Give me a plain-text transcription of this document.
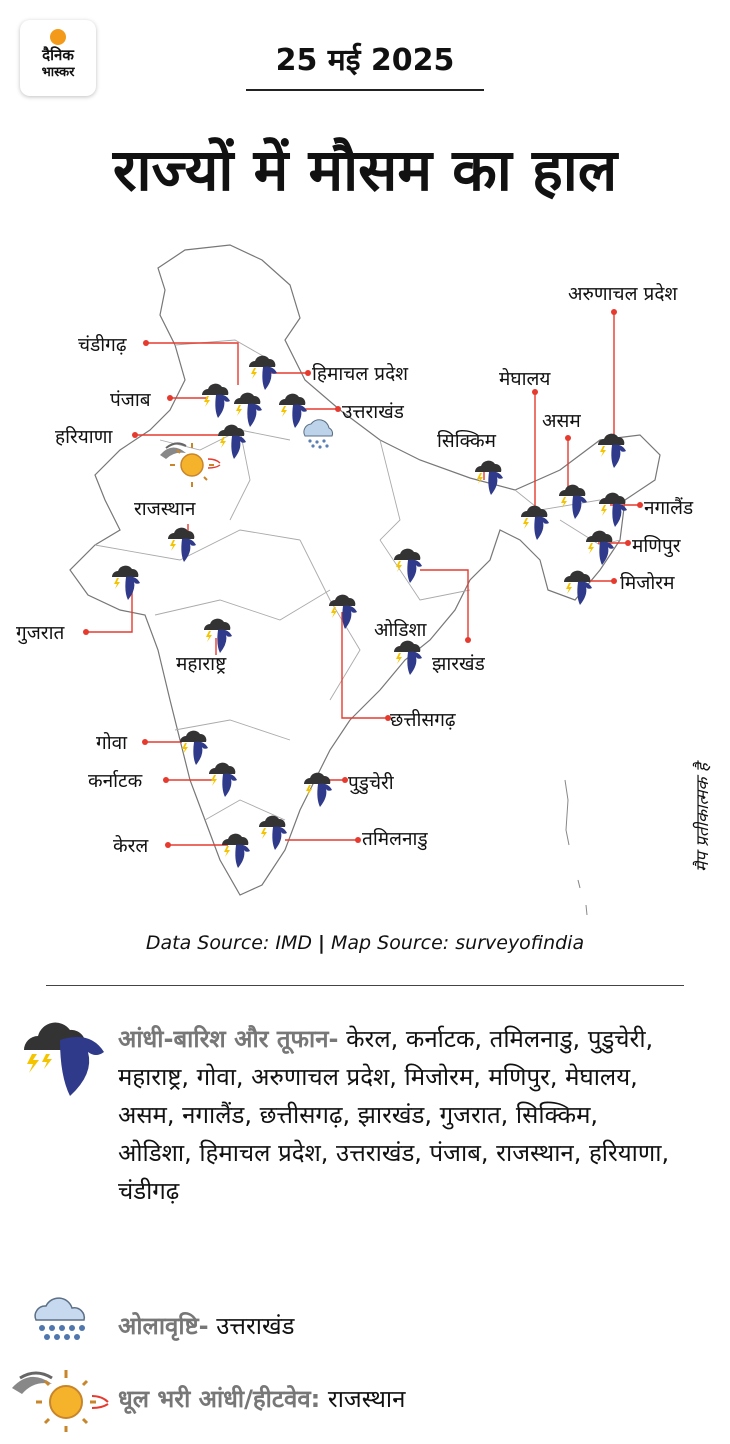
दैनिक
भास्कर	25 मई 2025
राज्यों में मौसम का हाल
चंडीगढ़
पंजाब
हरियाणा
हिमाचल प्रदेश
उत्तराखंड
राजस्थान
गुजरात
महाराष्ट्र
गोवा
कर्नाटक
केरल	तमिलनाडु
पुडुचेरी
छत्तीसगढ़
ओडिशा
झारखंड
सिक्किम
मेघालय
असम
अरुणाचल प्रदेश
नगालैंड
मणिपुर
मिजोरम
मैप प्रतीकात्मक है
Data Source: IMD | Map Source: surveyofindia
आंधी-बारिश और तूफान- केरल, कर्नाटक, तमिलनाडु, पुडुचेरी, महाराष्ट्र, गोवा, अरुणाचल प्रदेश, मिजोरम, मणिपुर, मेघालय, असम, नगालैंड, छत्तीसगढ़, झारखंड, गुजरात, सिक्किम, ओडिशा, हिमाचल प्रदेश, उत्तराखंड, पंजाब, राजस्थान, हरियाणा, चंडीगढ़
ओलावृष्टि- उत्तराखंड
धूल भरी आंधी/हीटवेव: राजस्थान
